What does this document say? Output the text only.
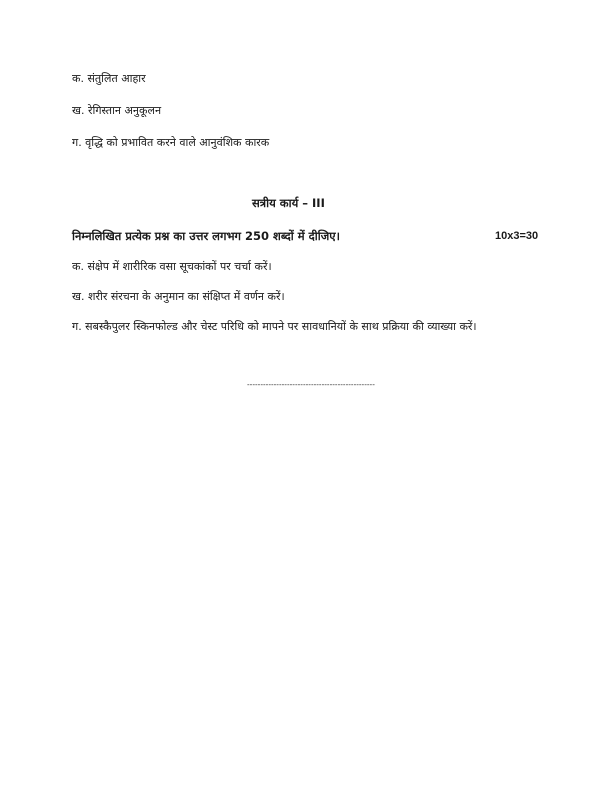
क. संतुलित आहार
ख. रेगिस्तान अनुकूलन
ग. वृद्धि को प्रभावित करने वाले आनुवंशिक कारक
सत्रीय कार्य – III
निम्नलिखित प्रत्येक प्रश्न का उत्तर लगभग 250 शब्दों में दीजिए।	10x3=30
क. संक्षेप में शारीरिक वसा सूचकांकों पर चर्चा करें।
ख. शरीर संरचना के अनुमान का संक्षिप्त में वर्णन करें।
ग. सबस्कैपुलर स्किनफोल्ड और चेस्ट परिधि को मापने पर सावधानियों के साथ प्रक्रिया की व्याख्या करें।
------------------------------------------------
